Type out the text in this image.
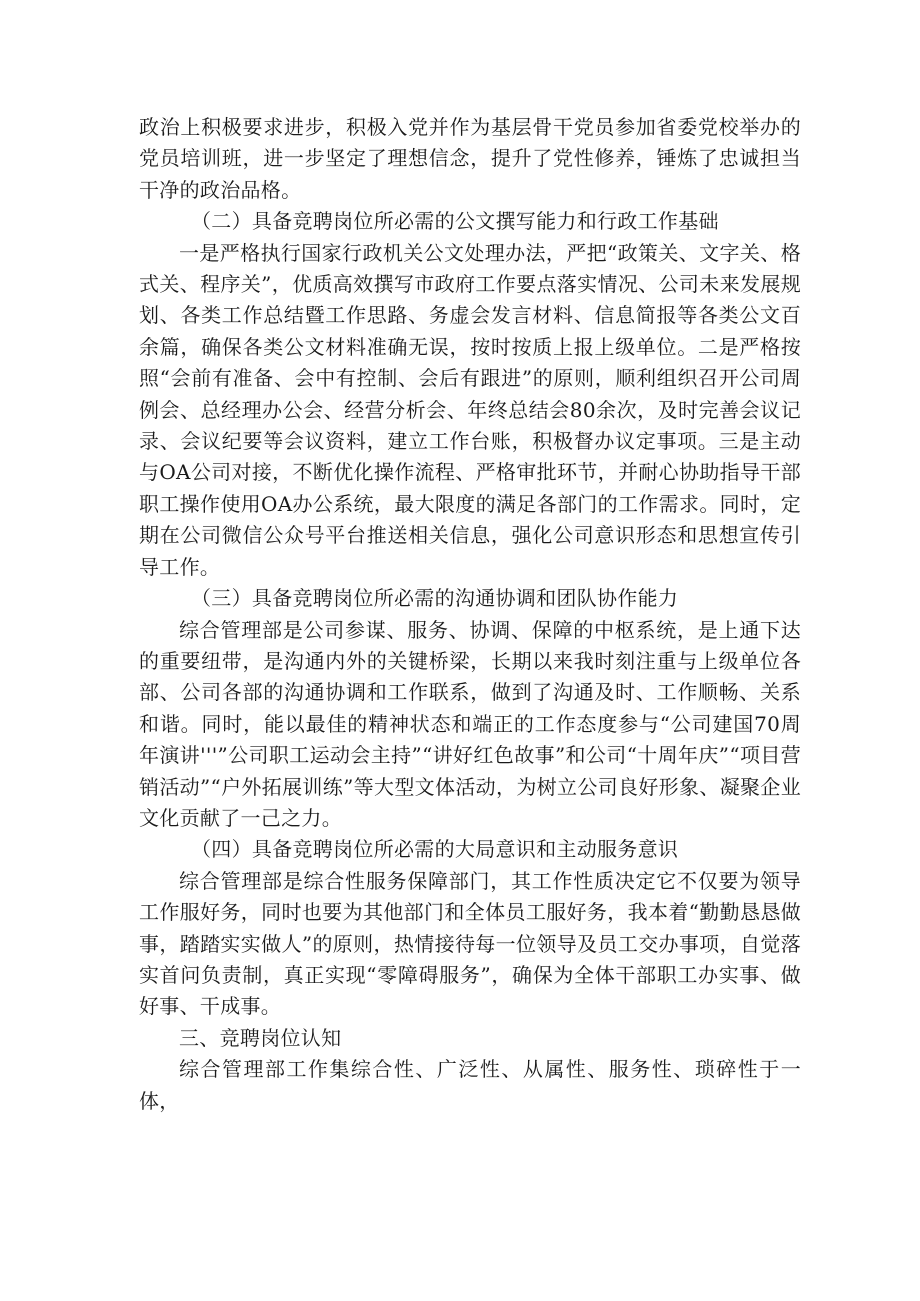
政治上积极要求进步，积极入党并作为基层骨干党员参加省委党校举办的党员培训班，进一步坚定了理想信念，提升了党性修养，锤炼了忠诚担当干净的政治品格。

（二）具备竞聘岗位所必需的公文撰写能力和行政工作基础

一是严格执行国家行政机关公文处理办法，严把“政策关、文字关、格式关、程序关”，优质高效撰写市政府工作要点落实情况、公司未来发展规划、各类工作总结暨工作思路、务虚会发言材料、信息简报等各类公文百余篇，确保各类公文材料准确无误，按时按质上报上级单位。二是严格按照“会前有准备、会中有控制、会后有跟进”的原则，顺利组织召开公司周例会、总经理办公会、经营分析会、年终总结会80余次，及时完善会议记录、会议纪要等会议资料，建立工作台账，积极督办议定事项。三是主动与OA公司对接，不断优化操作流程、严格审批环节，并耐心协助指导干部职工操作使用OA办公系统，最大限度的满足各部门的工作需求。同时，定期在公司微信公众号平台推送相关信息，强化公司意识形态和思想宣传引导工作。

（三）具备竞聘岗位所必需的沟通协调和团队协作能力

综合管理部是公司参谋、服务、协调、保障的中枢系统，是上通下达的重要纽带，是沟通内外的关键桥梁，长期以来我时刻注重与上级单位各部、公司各部的沟通协调和工作联系，做到了沟通及时、工作顺畅、关系和谐。同时，能以最佳的精神状态和端正的工作态度参与“公司建国70周年演讲'''”公司职工运动会主持”“讲好红色故事”和公司“十周年庆”“项目营销活动”“户外拓展训练”等大型文体活动，为树立公司良好形象、凝聚企业文化贡献了一己之力。

（四）具备竞聘岗位所必需的大局意识和主动服务意识

综合管理部是综合性服务保障部门，其工作性质决定它不仅要为领导工作服好务，同时也要为其他部门和全体员工服好务，我本着“勤勤恳恳做事，踏踏实实做人”的原则，热情接待每一位领导及员工交办事项，自觉落实首问负责制，真正实现“零障碍服务”，确保为全体干部职工办实事、做好事、干成事。

三、竞聘岗位认知

综合管理部工作集综合性、广泛性、从属性、服务性、琐碎性于一体，
